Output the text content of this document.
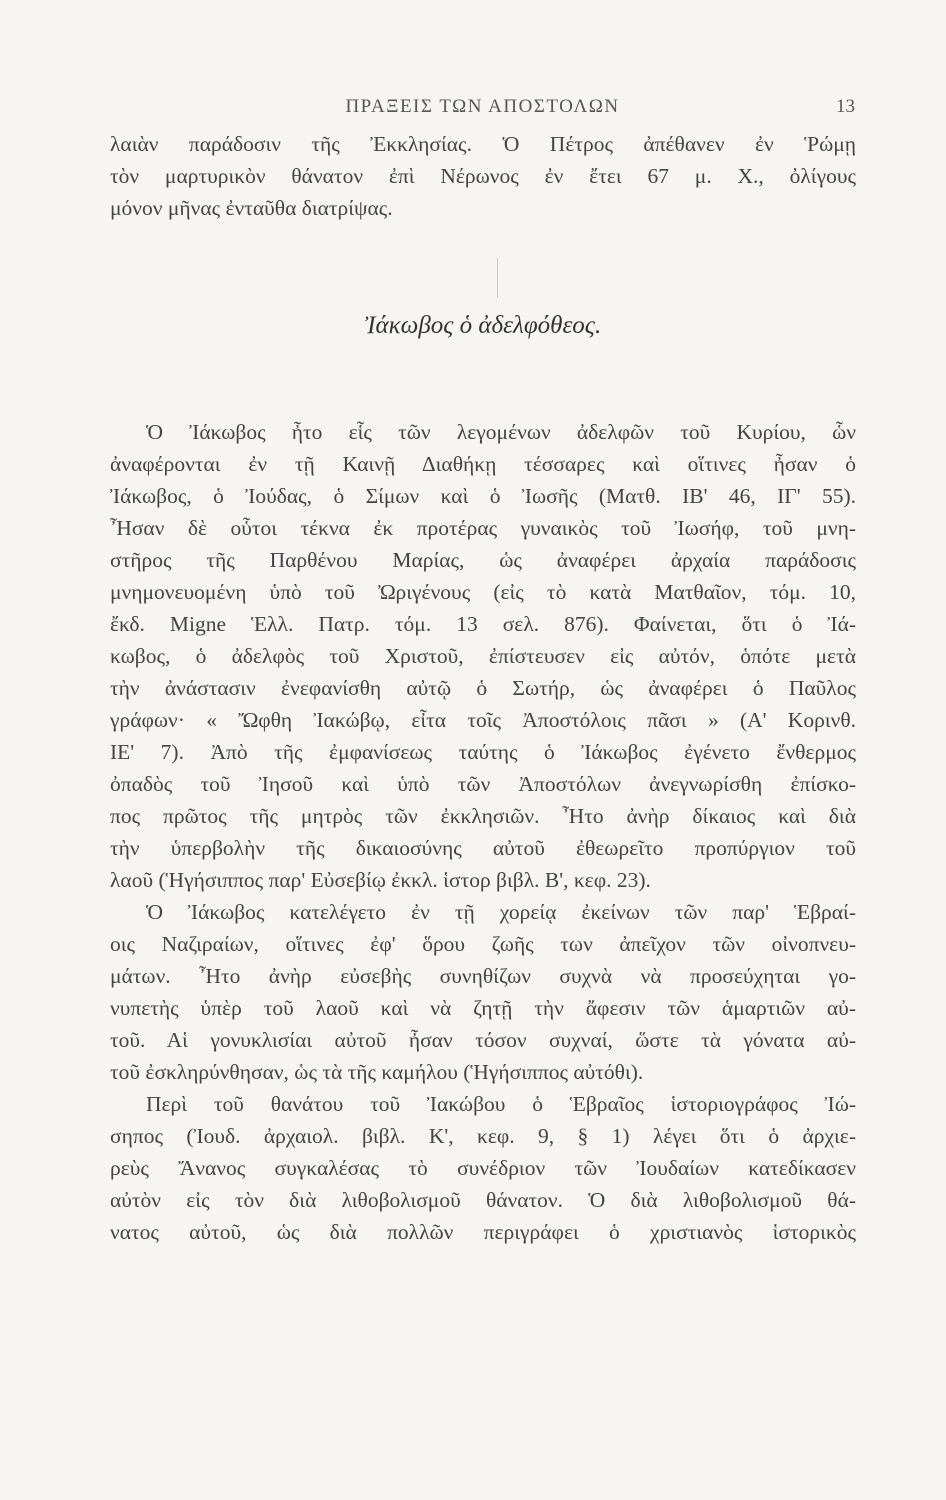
ΠΡΑΞΕΙΣ ΤΩΝ ΑΠΟΣΤΟΛΩΝ	13
λαιὰν παράδοσιν τῆς Ἐκκλησίας. Ὁ Πέτρος ἀπέθανεν ἐν Ῥώμῃ
τὸν μαρτυρικὸν θάνατον ἐπὶ Νέρωνος ἐν ἔτει 67 μ. Χ., ὀλίγους
μόνον μῆνας ἐνταῦθα διατρίψας.
Ἰάκωβος ὁ ἀδελφόθεος.
Ὁ Ἰάκωβος ἦτο εἷς τῶν λεγομένων ἀδελφῶν τοῦ Κυρίου, ὧν
ἀναφέρονται ἐν τῇ Καινῇ Διαθήκῃ τέσσαρες καὶ οἵτινες ἦσαν ὁ
Ἰάκωβος, ὁ Ἰούδας, ὁ Σίμων καὶ ὁ Ἰωσῆς (Ματθ. ΙΒ' 46, ΙΓ' 55).
Ἦσαν δὲ οὗτοι τέκνα ἐκ προτέρας γυναικὸς τοῦ Ἰωσήφ, τοῦ μνη-
στῆρος τῆς Παρθένου Μαρίας, ὡς ἀναφέρει ἀρχαία παράδοσις
μνημονευομένη ὑπὸ τοῦ Ὠριγένους (εἰς τὸ κατὰ Ματθαῖον, τόμ. 10,
ἔκδ. Migne Ἑλλ. Πατρ. τόμ. 13 σελ. 876). Φαίνεται, ὅτι ὁ Ἰά-
κωβος, ὁ ἀδελφὸς τοῦ Χριστοῦ, ἐπίστευσεν εἰς αὐτόν, ὁπότε μετὰ
τὴν ἀνάστασιν ἐνεφανίσθη αὐτῷ ὁ Σωτήρ, ὡς ἀναφέρει ὁ Παῦλος
γράφων· « Ὤφθη Ἰακώβῳ, εἶτα τοῖς Ἀποστόλοις πᾶσι » (Α' Κορινθ.
ΙΕ' 7). Ἀπὸ τῆς ἐμφανίσεως ταύτης ὁ Ἰάκωβος ἐγένετο ἔνθερμος
ὀπαδὸς τοῦ Ἰησοῦ καὶ ὑπὸ τῶν Ἀποστόλων ἀνεγνωρίσθη ἐπίσκο-
πος πρῶτος τῆς μητρὸς τῶν ἐκκλησιῶν. Ἦτο ἀνὴρ δίκαιος καὶ διὰ
τὴν ὑπερβολὴν τῆς δικαιοσύνης αὐτοῦ ἐθεωρεῖτο προπύργιον τοῦ
λαοῦ (Ἡγήσιππος παρ' Εὐσεβίῳ ἐκκλ. ἱστορ βιβλ. Β', κεφ. 23).
Ὁ Ἰάκωβος κατελέγετο ἐν τῇ χορείᾳ ἐκείνων τῶν παρ' Ἑβραί-
οις Ναζιραίων, οἵτινες ἐφ' ὅρου ζωῆς των ἀπεῖχον τῶν οἰνοπνευ-
μάτων. Ἦτο ἀνὴρ εὐσεβὴς συνηθίζων συχνὰ νὰ προσεύχηται γο-
νυπετὴς ὑπὲρ τοῦ λαοῦ καὶ νὰ ζητῇ τὴν ἄφεσιν τῶν ἁμαρτιῶν αὐ-
τοῦ. Αἱ γονυκλισίαι αὐτοῦ ἦσαν τόσον συχναί, ὥστε τὰ γόνατα αὐ-
τοῦ ἐσκληρύνθησαν, ὡς τὰ τῆς καμήλου (Ἡγήσιππος αὐτόθι).
Περὶ τοῦ θανάτου τοῦ Ἰακώβου ὁ Ἑβραῖος ἱστοριογράφος Ἰώ-
σηπος (Ἰουδ. ἀρχαιολ. βιβλ. Κ', κεφ. 9, § 1) λέγει ὅτι ὁ ἀρχιε-
ρεὺς Ἄνανος συγκαλέσας τὸ συνέδριον τῶν Ἰουδαίων κατεδίκασεν
αὐτὸν εἰς τὸν διὰ λιθοβολισμοῦ θάνατον. Ὁ διὰ λιθοβολισμοῦ θά-
νατος αὐτοῦ, ὡς διὰ πολλῶν περιγράφει ὁ χριστιανὸς ἱστορικὸς
